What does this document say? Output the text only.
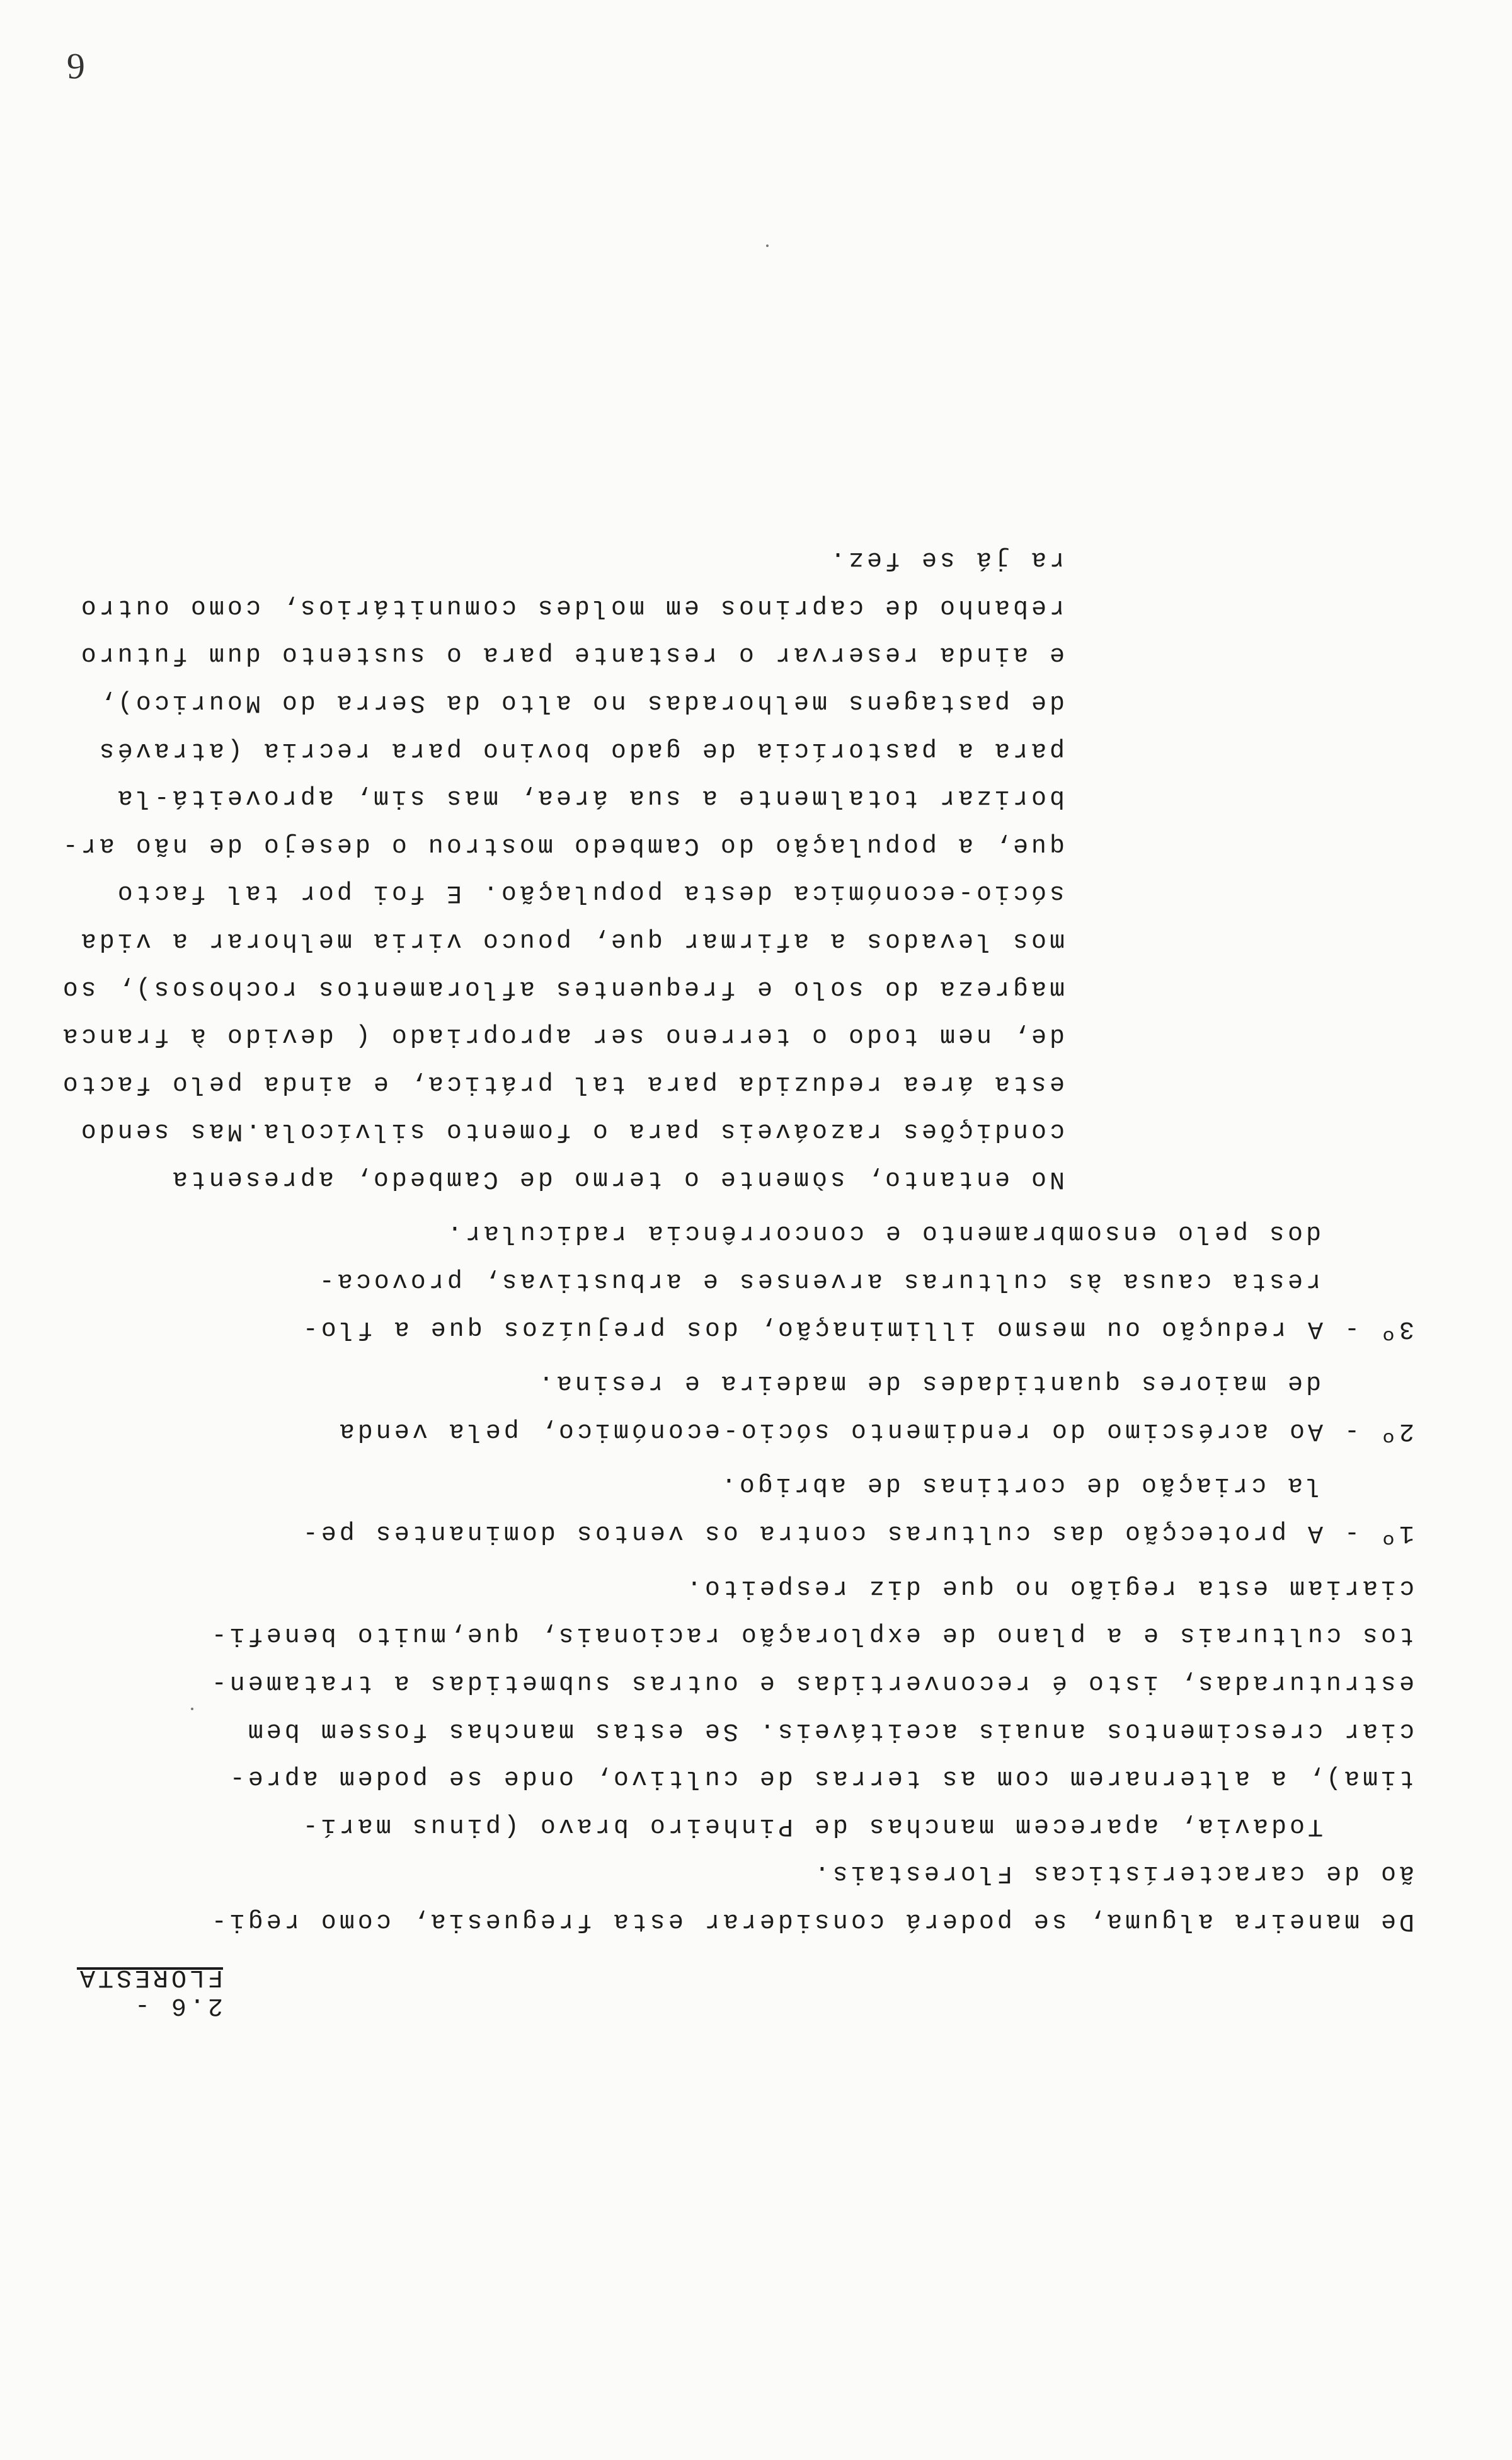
2.6 -
FLORESTA

De maneira alguma, se poderá considerar esta freguesia, como regi-

ão de características Florestais.

Todavia, aparecem manchas de Pinheiro bravo (pinus marí-

tima), a alternarem com as terras de cultivo, onde se podem apre-

ciar crescimentos anuais aceitáveis. Se estas manchas fossem bem

estruturadas, isto é reconvertidas e outras submetidas a tratamen-

tos culturais e a plano de exploração racionais, que,muito benefi-

ciariam esta região no que diz respeito.

1º - A protecção das culturas contra os ventos dominantes pe-

la criação de cortinas de abrigo.

2º - Ao acréscimo do rendimento sócio-económico, pela venda

de maiores quantidades de madeira e resina.

3º - A redução ou mesmo illiminação, dos prejuízos que a flo-

resta causa às culturas arvenses e arbustivas, provoca-

dos pelo ensombramento e concorrência radicular.

No entanto, sòmente o termo de Cambedo, apresenta

condições razoáveis para o fomento silvícola.Mas sendo

esta área reduzida para tal prática, e ainda pelo facto

de, nem todo o terreno ser apropriado ( devido à franca

magreza do solo e frequentes afloramentos rochosos), so

mos levados a afirmar que, pouco viria melhorar a vida

sócio-económica desta população. E foi por tal facto

que, a população do Cambedo mostrou o desejo de não ar-

borizar totalmente a sua área, mas sim, aproveitá-la

para a pastorícia de gado bovino para recria (através

de pastagens melhoradas no alto da Serra do Mourico),

e ainda reservar o restante para o sustento dum futuro

rebanho de caprinos em moldes comunitários, como outro

ra já se fez.

6
